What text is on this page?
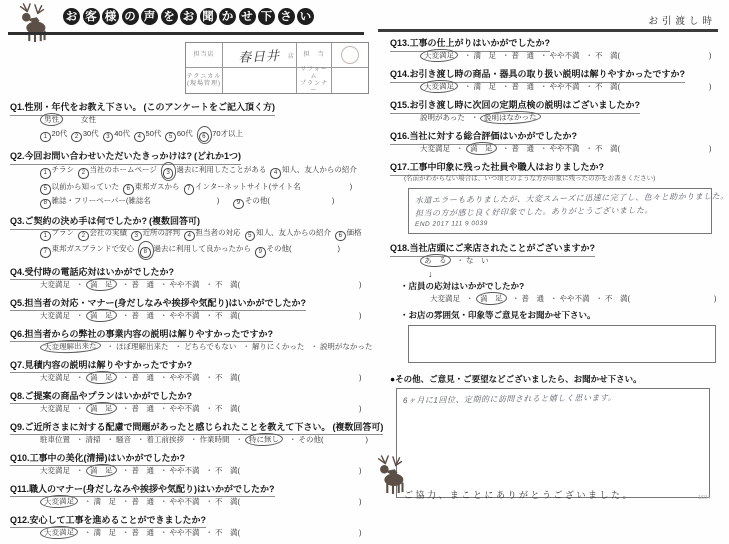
お 客 様 の 声 を お 聞 か せ 下 さ い
担当店 春日井 店 担　当
テクニカル
(現場管理)
リフォーム
プランナー
Q1.性別・年代をお教え下さい。 (このアンケートをご記入頂く方)
男性	女性
1 20代 2 30代 3 40代 4 50代 5 60代 6 70才以上
Q2.今回お問い合わせいただいたきっかけは? (どれか1つ)
1 チラシ 2 当社のホームページ 3 過去に利用したことがある 4 知人、友人からの紹介
5 以前から知っていた 6 東邦ガスから 7 インターネットサイト(サイト名	)
8 雑誌・フリーペーパー(雑誌名	)	9 その他(	)
Q3.ご契約の決め手は何でしたか? (複数回答可)
1 プラン 2 会社の実績 3 近所の評判 4 担当者の対応 5 知人、友人からの紹介 6 価格
7 東邦ガスブランドで安心 8 過去に利用して良かったから 9 その他(	)
Q4.受付時の電話応対はいかがでしたか?
大変満足 ・ 満　足 ・ 普　通 ・ やや不満 ・ 不　満(	)
Q5.担当者の対応・マナー(身だしなみや挨拶や気配り)はいかがでしたか?
大変満足 ・ 満　足 ・ 普　通 ・ やや不満 ・ 不　満(	)
Q6.担当者からの弊社の事業内容の説明は解りやすかったですか?
大変理解出来た ・ ほぼ理解出来た ・ どちらでもない ・ 解りにくかった ・ 説明がなかった
Q7.見積内容の説明は解りやすかったですか?
大変満足 ・ 満　足 ・ 普　通 ・ やや不満 ・ 不　満(	)
Q8.ご提案の商品やプランはいかがでしたか?
大変満足 ・ 満　足 ・ 普　通 ・ やや不満 ・ 不　満(	)
Q9.ご近所さまに対する配慮で問題があったと感じられたことを教えて下さい。 (複数回答可)
駐車位置 ・ 清掃 ・ 騒音 ・ 着工前挨拶 ・ 作業時間 ・ 特に無し ・ その他(	)
Q10.工事中の美化(清掃)はいかがでしたか?
大変満足 ・ 満　足 ・ 普　通 ・ やや不満 ・ 不　満(	)
Q11.職人のマナー(身だしなみや挨拶や気配り)はいかがでしたか?
大変満足 ・ 満　足 ・ 普　通 ・ やや不満 ・ 不　満(	)
Q12.安心して工事を進めることができましたか?
大変満足 ・ 満　足 ・ 普　通 ・ やや不満 ・ 不　満(	)
お引渡し時
Q13.工事の仕上がりはいかがでしたか?
大変満足 ・ 満　足 ・ 普　通 ・ やや不満 ・ 不　満(	)
Q14.お引き渡し時の商品・器具の取り扱い説明は解りやすかったですか?
大変満足 ・ 満　足 ・ 普　通 ・ やや不満 ・ 不　満(	)
Q15.お引き渡し時に次回の定期点検の説明はございましたか?
説明があった ・ 説明はなかった
Q16.当社に対する総合評価はいかがでしたか?
大変満足 ・ 満　足 ・ 普　通 ・ やや不満 ・ 不　満(	)
Q17.工事中印象に残った社員や職人はおりましたか?
(名前がわからない場合は、いつ頃どのような方が印象に残ったのかをお書きください)
水道エラーもありましたが、大変スムーズに迅速に完了し、色々と助かりました。
担当の方が感じ良く好印象でした。ありがとうございました。
END 2017 111 9 0039
Q18.当社店頭にご来店されたことがございますか?
あ　る ・ な　い
↓
・店員の応対はいかがでしたか?
大変満足 ・ 満　足 ・ 普　通 ・ やや不満 ・ 不　満(	)
・お店の雰囲気・印象等ご意見をお聞かせ下さい。
●その他、ご意見・ご要望などございましたら、お聞かせ下さい。
6ヶ月に1回位、定期的に訪問されると嬉しく思います。
ご協力、まことにありがとうございました。	1604
